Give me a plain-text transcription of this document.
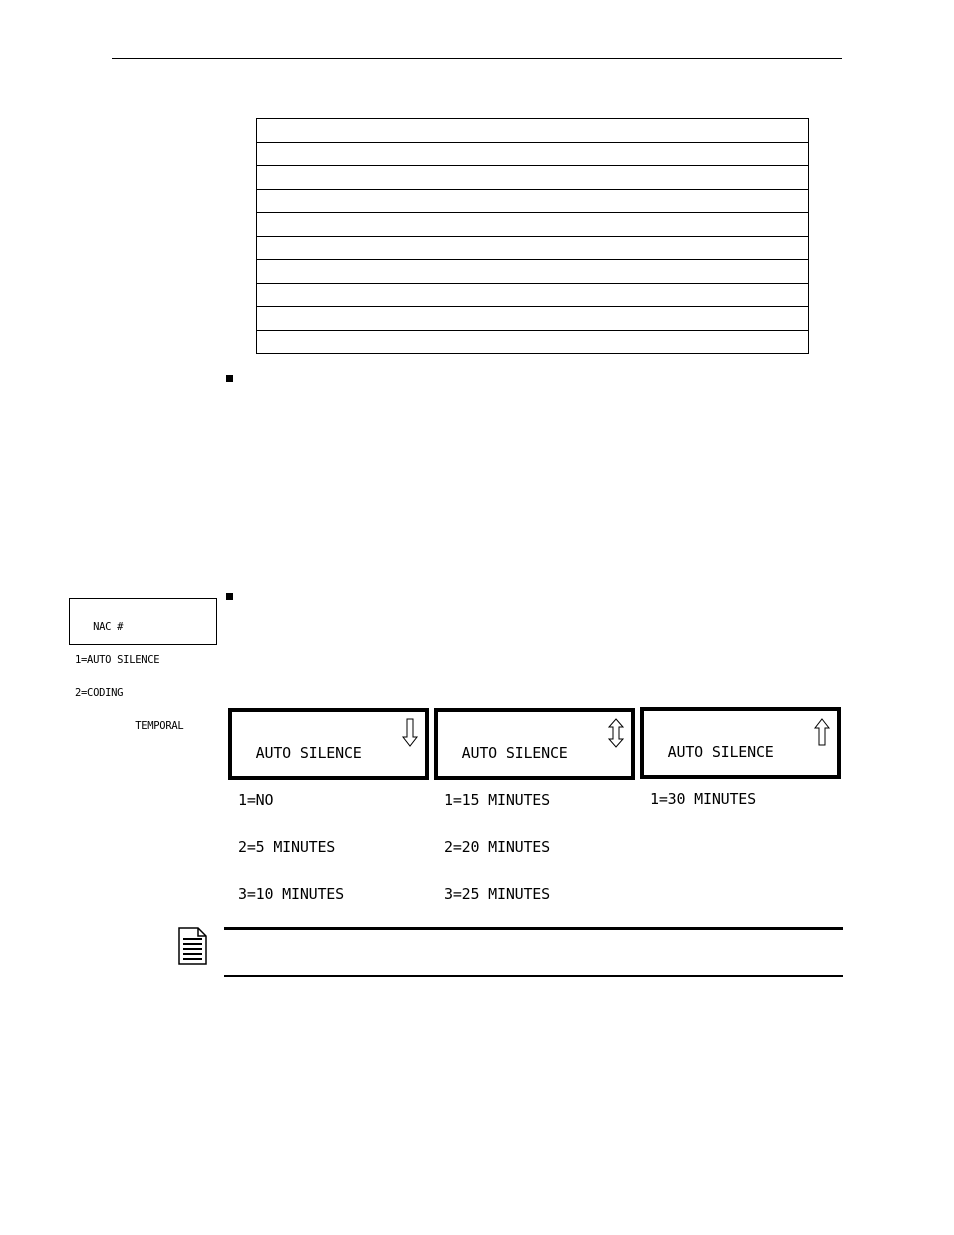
NAC #

1=AUTO SILENCE

2=CODING

TEMPORAL

AUTO SILENCE

1=NO

2=5 MINUTES

3=10 MINUTES

AUTO SILENCE

1=15 MINUTES

2=20 MINUTES

3=25 MINUTES

AUTO SILENCE

1=30 MINUTES
